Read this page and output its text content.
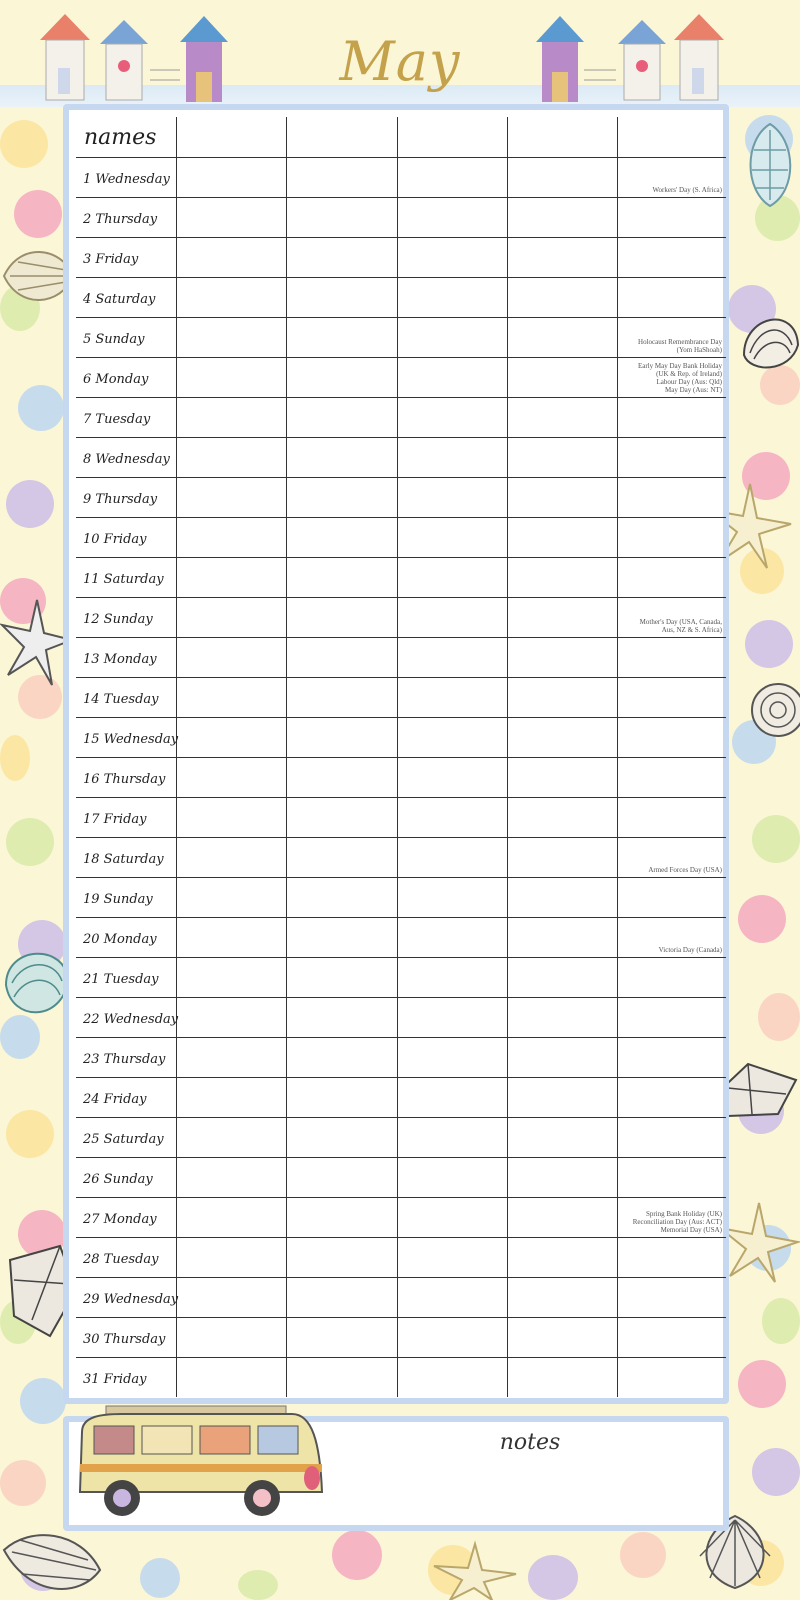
May
names					
1 Wednesday					Workers' Day (S. Africa)

2 Thursday					
3 Friday					
4 Saturday					
5 Sunday					Holocaust Remembrance Day
(Yom HaShoah)

6 Monday					Early May Day Bank Holiday
(UK & Rep. of Ireland)
Labour Day (Aus: Qld)
May Day (Aus: NT)

7 Tuesday					
8 Wednesday					
9 Thursday					
10 Friday					
11 Saturday					
12 Sunday					Mother's Day (USA, Canada,
Aus, NZ & S. Africa)

13 Monday					
14 Tuesday					
15 Wednesday					
16 Thursday					
17 Friday					
18 Saturday					Armed Forces Day (USA)

19 Sunday					
20 Monday					Victoria Day (Canada)

21 Tuesday					
22 Wednesday					
23 Thursday					
24 Friday					
25 Saturday					
26 Sunday					
27 Monday					Spring Bank Holiday (UK)
Reconciliation Day (Aus: ACT)
Memorial Day (USA)

28 Tuesday					
29 Wednesday					
30 Thursday					
31 Friday					
notes
